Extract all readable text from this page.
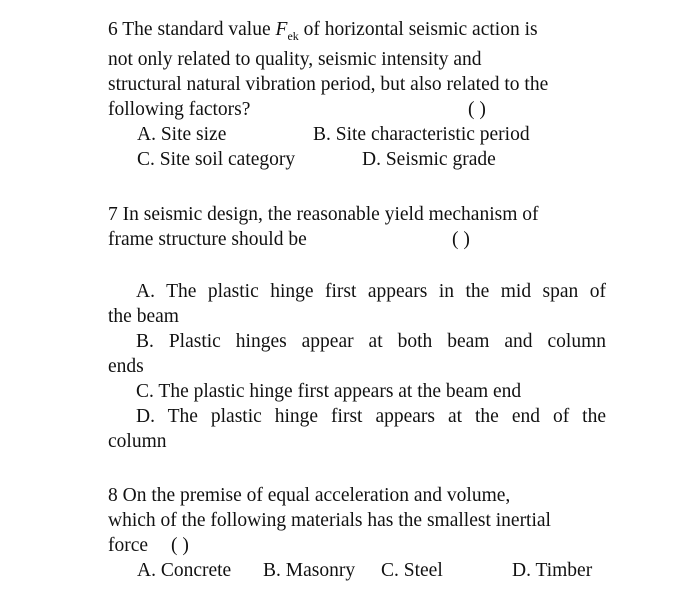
6 The standard value $F_{ek}$ of horizontal seismic action is
not only related to quality, seismic intensity and
structural natural vibration period, but also related to the
following factors?	( )
A. Site size	B. Site characteristic period
C. Site soil category	D. Seismic grade
7 In seismic design, the reasonable yield mechanism of
frame structure should be	( )
A. The plastic hinge first appears in the mid span of
the beam
B. Plastic hinges appear at both beam and column
ends
C. The plastic hinge first appears at the beam end
D. The plastic hinge first appears at the end of the
column
8 On the premise of equal acceleration and volume,
which of the following materials has the smallest inertial
force ( )
A. Concrete B. Masonry C. Steel	D. Timber
